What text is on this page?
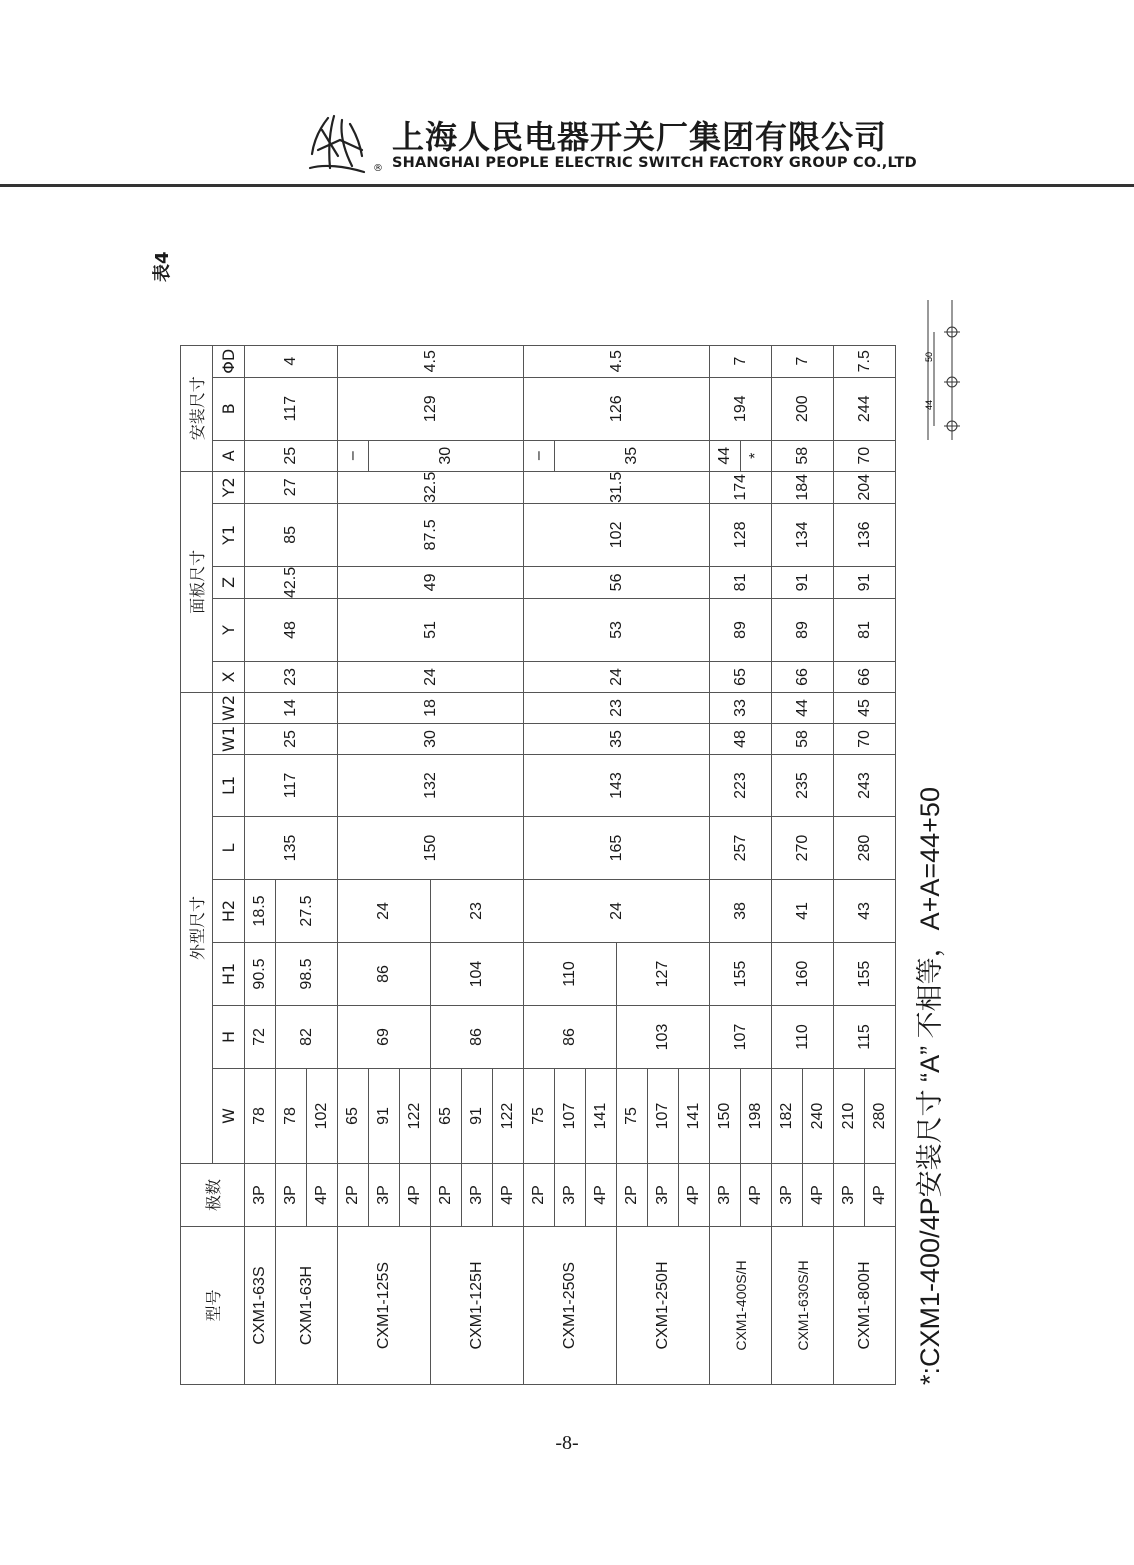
®
上海人民电器开关厂集团有限公司
SHANGHAI PEOPLE ELECTRIC SWITCH FACTORY GROUP CO.,LTD
表4
型号	极数	外型尺寸								面板尺寸					安装尺寸		
		W	H	H1	H2	L	L1	W1	W2	X	Y	Z	Y1	Y2	A	B	ΦD
CXM1-63S	3P	78	72	90.5	18.5	135	117	25	14	23	48	42.5	85	27	25	117	4
CXM1-63H	3P	78	82	98.5	27.5												
	4P	102															
CXM1-125S	2P	65	69	86	24	150	132	30	18	24	51	49	87.5	32.5	–	129	4.5
	3P	91													30		
	4P	122															
CXM1-125H	2P	65	86	104	23												
	3P	91															
	4P	122															
CXM1-250S	2P	75	86	110	24	165	143	35	23	24	53	56	102	31.5	–	126	4.5
	3P	107													35		
	4P	141															
CXM1-250H	2P	75	103	127													
	3P	107															
	4P	141															
CXM1-400S/H	3P	150	107	155	38	257	223	48	33	65	89	81	128	174	44	194	7
	4P	198													*		
CXM1-630S/H	3P	182	110	160	41	270	235	58	44	66	89	91	134	184	58	200	7
	4P	240															
CXM1-800H	3P	210	115	155	43	280	243	70	45	66	81	91	136	204	70	244	7.5
	4P	280															*:CXM1-400/4P安装尺寸 “A” 不相等，A+A=44+50
44
50
-8-
